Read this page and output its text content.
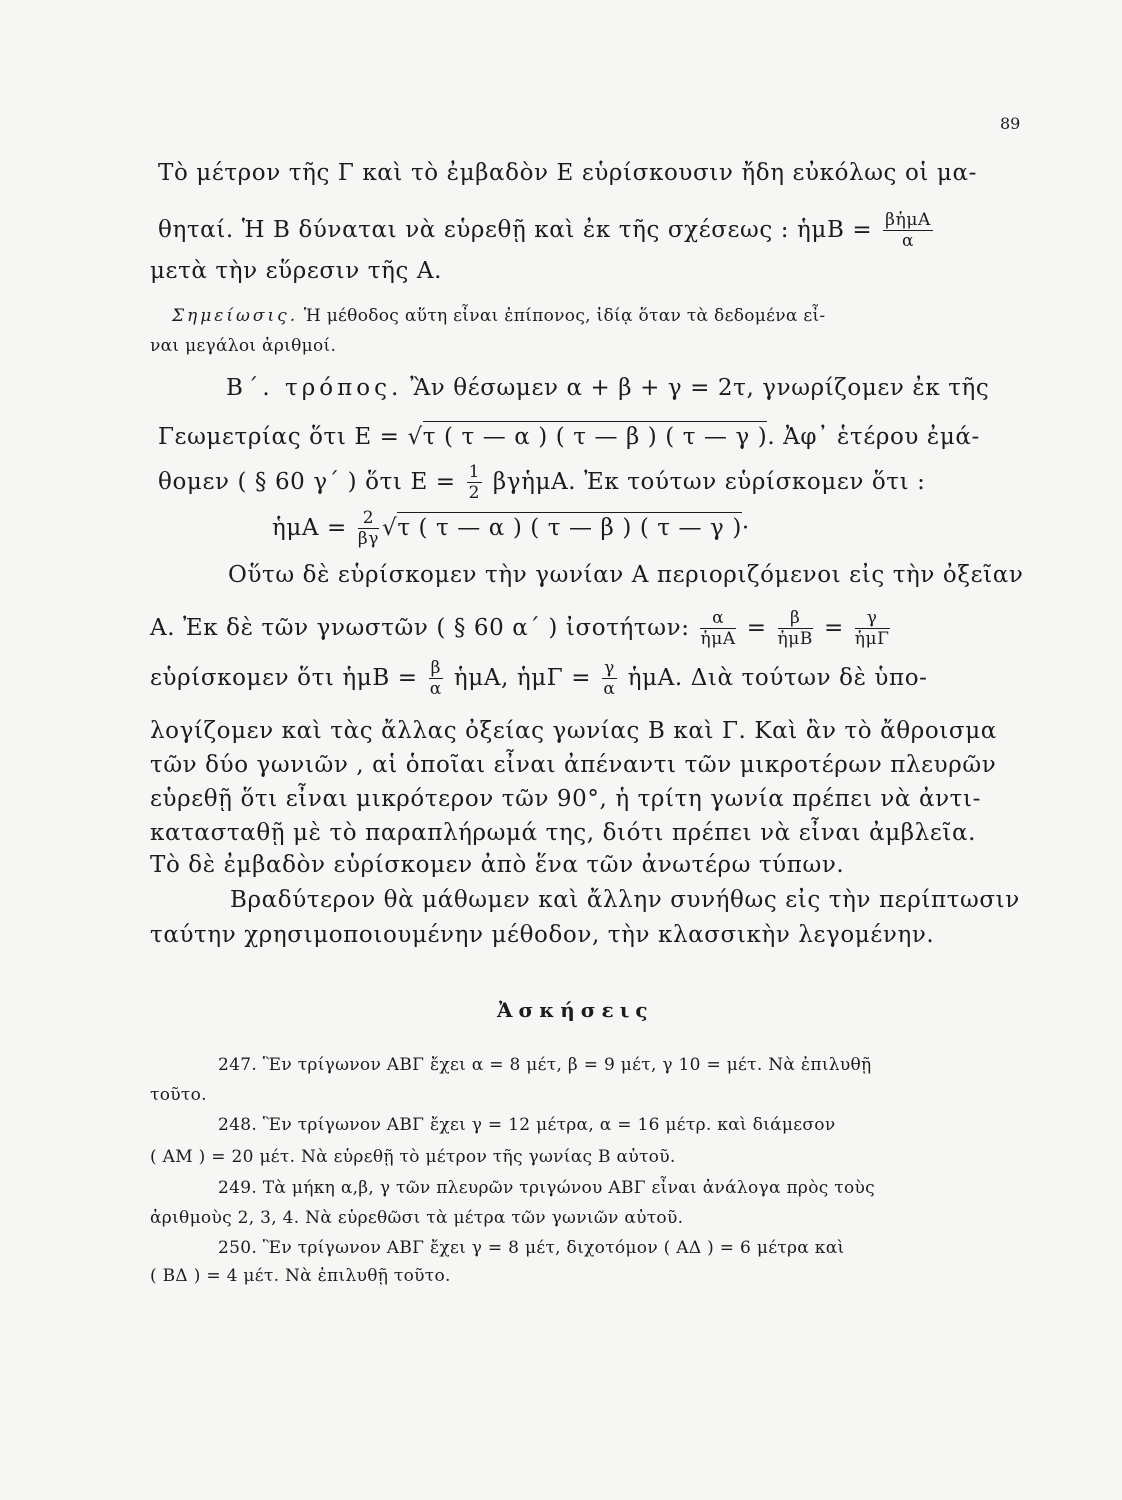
89
Τὸ μέτρον τῆς Γ καὶ τὸ ἐμβαδὸν Ε εὑρίσκουσιν ἤδη εὐκόλως οἱ μα-
θηταί. Ἡ Β δύναται νὰ εὑρεθῇ καὶ ἐκ τῆς σχέσεως : ἡμΒ = $\frac{\text{βἡμΑ}}{\alpha}$
μετὰ τὴν εὕρεσιν τῆς Α.
Σημείωσις. Ἡ μέθοδος αὕτη εἶναι ἐπίπονος, ἰδίᾳ ὅταν τὰ δεδομένα εἶ-
ναι μεγάλοι ἀριθμοί.
Β΄. τρόπος. Ἂν θέσωμεν α + β + γ = 2τ, γνωρίζομεν ἐκ τῆς
Γεωμετρίας ὅτι Ε = √τ ( τ — α ) ( τ — β ) ( τ — γ ). Ἀφ᾽ ἑτέρου ἐμά-
θομεν ( § 60 γ΄ ) ὅτι $E = \frac{1}{2}$ βγἡμΑ. Ἐκ τούτων εὑρίσκομεν ὅτι :
ἡμΑ = $\frac{2}{\beta\gamma} √\tau$ ( τ — α ) ( τ — β ) ( τ — γ )·
Οὕτω δὲ εὑρίσκομεν τὴν γωνίαν Α περιοριζόμενοι εἰς τὴν ὀξεῖαν
Α. Ἐκ δὲ τῶν γνωστῶν ( § 60 α΄ ) ἰσοτήτων: $\frac{\alpha}{\text{ἡμΑ}} = \frac{\beta}{\text{ἡμΒ}} = \frac{\gamma}{\text{ἡμΓ}}$
εὑρίσκομεν ὅτι ἡμΒ = $\frac{\beta}{\alpha}$ ἡμΑ, ἡμΓ = $\frac{\gamma}{\alpha}$ ἡμΑ. Διὰ τούτων δὲ ὑπο-
λογίζομεν καὶ τὰς ἄλλας ὀξείας γωνίας Β καὶ Γ. Καὶ ἂν τὸ ἄθροισμα
τῶν δύο γωνιῶν , αἱ ὁποῖαι εἶναι ἀπέναντι τῶν μικροτέρων πλευρῶν
εὑρεθῇ ὅτι εἶναι μικρότερον τῶν 90°, ἡ τρίτη γωνία πρέπει νὰ ἀντι-
κατασταθῇ μὲ τὸ παραπλήρωμά της, διότι πρέπει νὰ εἶναι ἀμβλεῖα.
Τὸ δὲ ἐμβαδὸν εὑρίσκομεν ἀπὸ ἕνα τῶν ἀνωτέρω τύπων.
Βραδύτερον θὰ μάθωμεν καὶ ἄλλην συνήθως εἰς τὴν περίπτωσιν
ταύτην χρησιμοποιουμένην μέθοδον, τὴν κλασσικὴν λεγομένην.
Ἀσκήσεις
247. Ἓν τρίγωνον ΑΒΓ ἔχει α = 8 μέτ, β = 9 μέτ, γ 10 = μέτ. Νὰ ἐπιλυθῇ
τοῦτο.
248. Ἓν τρίγωνον ΑΒΓ ἔχει γ = 12 μέτρα, α = 16 μέτρ. καὶ διάμεσον
( ΑΜ ) = 20 μέτ. Νὰ εὑρεθῇ τὸ μέτρον τῆς γωνίας Β αὐτοῦ.
249. Τὰ μήκη α,β, γ τῶν πλευρῶν τριγώνου ΑΒΓ εἶναι ἀνάλογα πρὸς τοὺς
ἀριθμοὺς 2, 3, 4. Νὰ εὑρεθῶσι τὰ μέτρα τῶν γωνιῶν αὐτοῦ.
250. Ἓν τρίγωνον ΑΒΓ ἔχει γ = 8 μέτ, διχοτόμον ( ΑΔ ) = 6 μέτρα καὶ
( ΒΔ ) = 4 μέτ. Νὰ ἐπιλυθῇ τοῦτο.
